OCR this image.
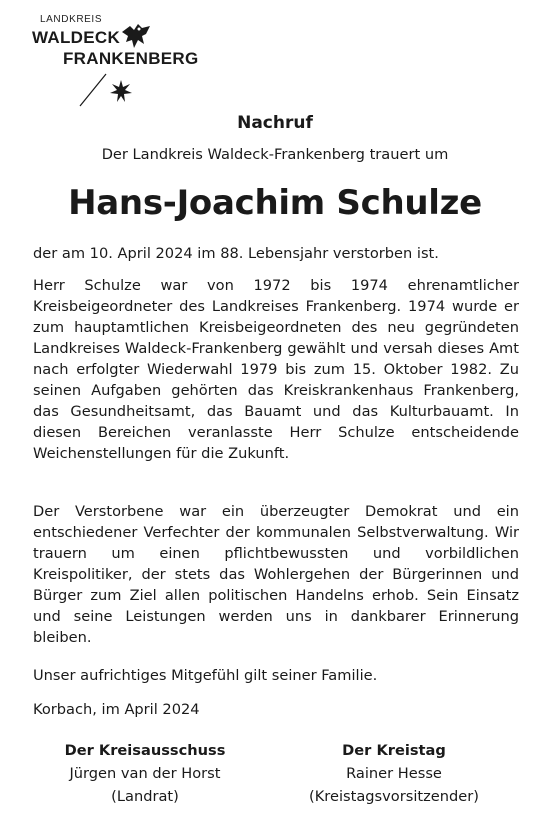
LANDKREIS
WALDECK
FRANKENBERG
Nachruf
Der Landkreis Waldeck-Frankenberg trauert um
Hans-Joachim Schulze
der am 10. April 2024 im 88. Lebensjahr verstorben ist.
Herr Schulze war von 1972 bis 1974 ehrenamtlicher Kreisbeigeordneter des Landkreises Frankenberg. 1974 wurde er zum hauptamtlichen Kreisbeigeordneten des neu gegründeten Landkreises Waldeck-Frankenberg gewählt und versah dieses Amt nach erfolgter Wiederwahl 1979 bis zum 15. Oktober 1982. Zu seinen Aufgaben gehörten das Kreiskrankenhaus Frankenberg, das Gesundheitsamt, das Bauamt und das Kulturbauamt. In diesen Bereichen veranlasste Herr Schulze entscheidende Weichenstellungen für die Zukunft.
Der Verstorbene war ein überzeugter Demokrat und ein entschiedener Verfechter der kommunalen Selbstverwaltung. Wir trauern um einen pflichtbewussten und vorbildlichen Kreispolitiker, der stets das Wohlergehen der Bürgerinnen und Bürger zum Ziel allen politischen Handelns erhob. Sein Einsatz und seine Leistungen werden uns in dankbarer Erinnerung bleiben.
Unser aufrichtiges Mitgefühl gilt seiner Familie.
Korbach, im April 2024
Der Kreisausschuss
Jürgen van der Horst
(Landrat)
Der Kreistag
Rainer Hesse
(Kreistagsvorsitzender)
